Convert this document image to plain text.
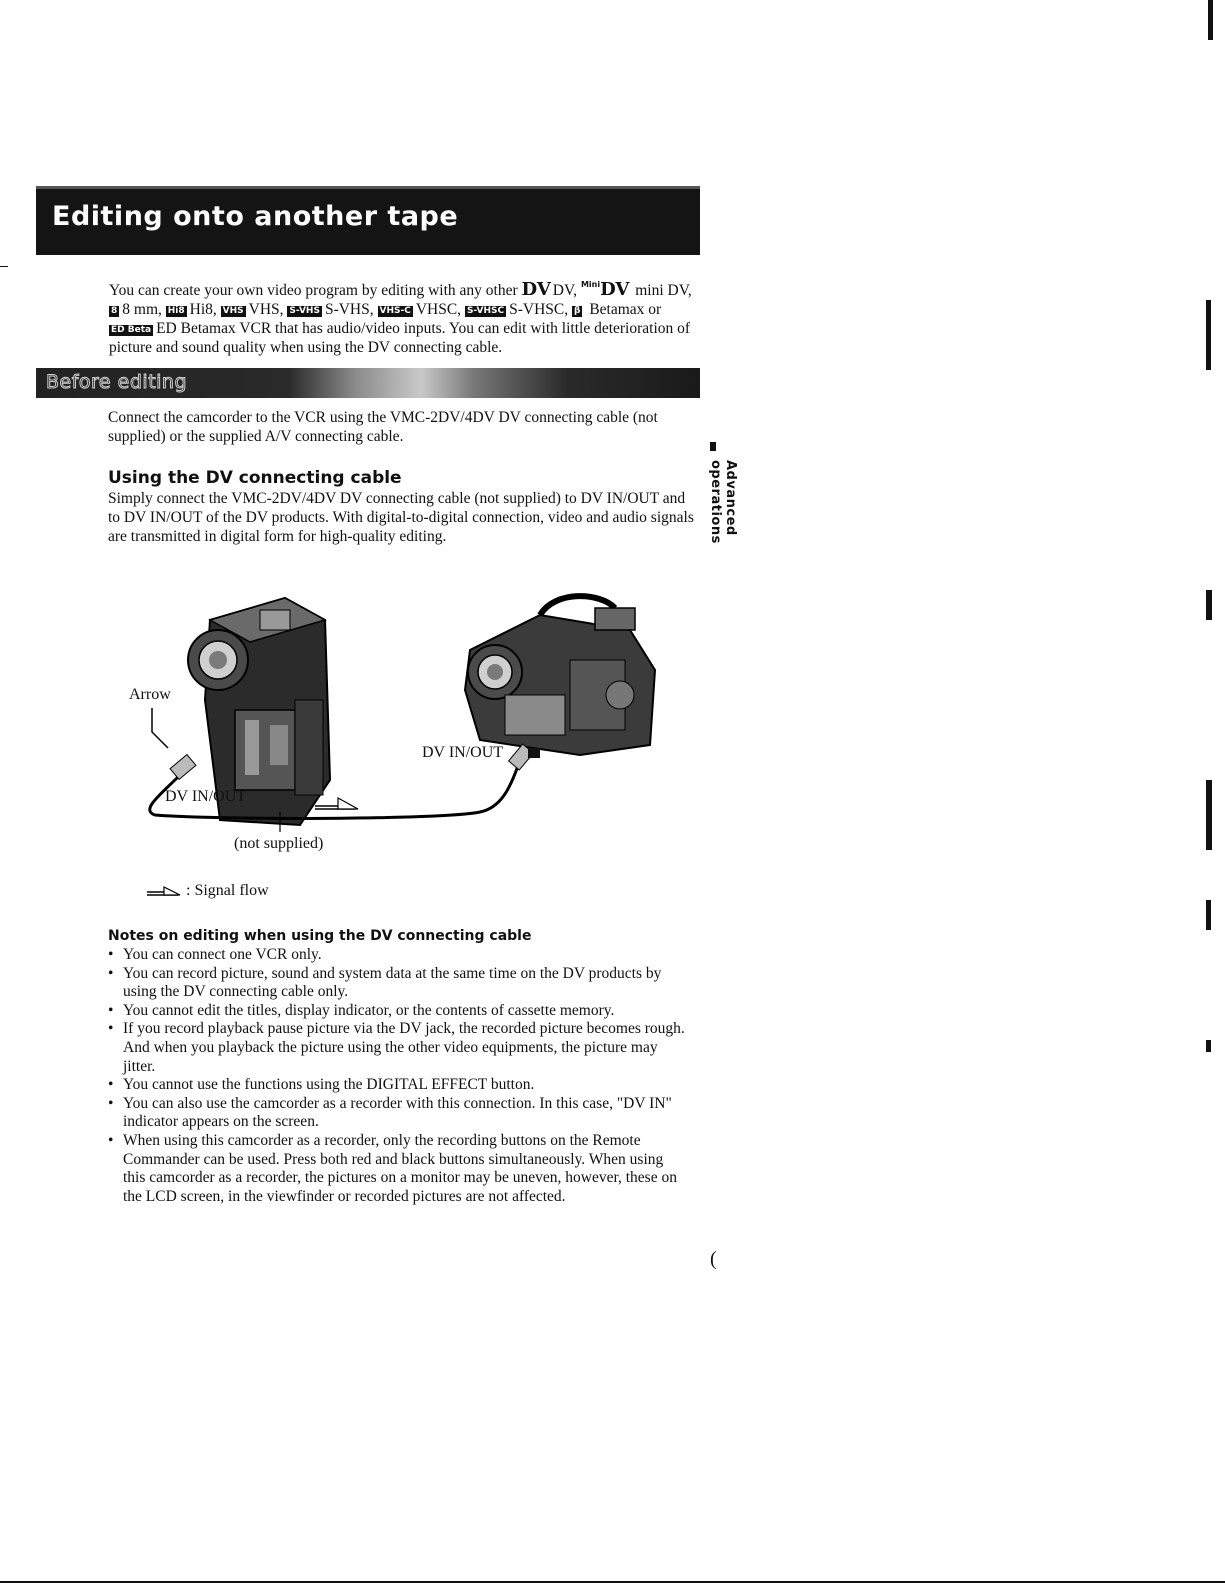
Editing onto another tape
You can create your own video program by editing with any other DV DV, $^{Mini}$DV mini DV, 8 8 mm, Hi8 Hi8, VHS VHS, S-VHS S-VHS, VHS-C VHSC, S-VHSC S-VHSC, β Betamax or ED Beta ED Betamax VCR that has audio/video inputs. You can edit with little deterioration of picture and sound quality when using the DV connecting cable.
Before editing
Connect the camcorder to the VCR using the VMC-2DV/4DV DV connecting cable (not supplied) or the supplied A/V connecting cable.
Using the DV connecting cable
Simply connect the VMC-2DV/4DV DV connecting cable (not supplied) to DV IN/OUT and to DV IN/OUT of the DV products. With digital-to-digital connection, video and audio signals are transmitted in digital form for high-quality editing.
Advanced operations
Arrow
DV IN/OUT
DV IN/OUT
(not supplied)
: Signal flow
Notes on editing when using the DV connecting cable
• You can connect one VCR only.
• You can record picture, sound and system data at the same time on the DV products by using the DV connecting cable only.
• You cannot edit the titles, display indicator, or the contents of cassette memory.
• If you record playback pause picture via the DV jack, the recorded picture becomes rough. And when you playback the picture using the other video equipments, the picture may jitter.
• You cannot use the functions using the DIGITAL EFFECT button.
• You can also use the camcorder as a recorder with this connection. In this case, "DV IN" indicator appears on the screen.
• When using this camcorder as a recorder, only the recording buttons on the Remote Commander can be used. Press both red and black buttons simultaneously. When using this camcorder as a recorder, the pictures on a monitor may be uneven, however, these on the LCD screen, in the viewfinder or recorded pictures are not affected.
(
